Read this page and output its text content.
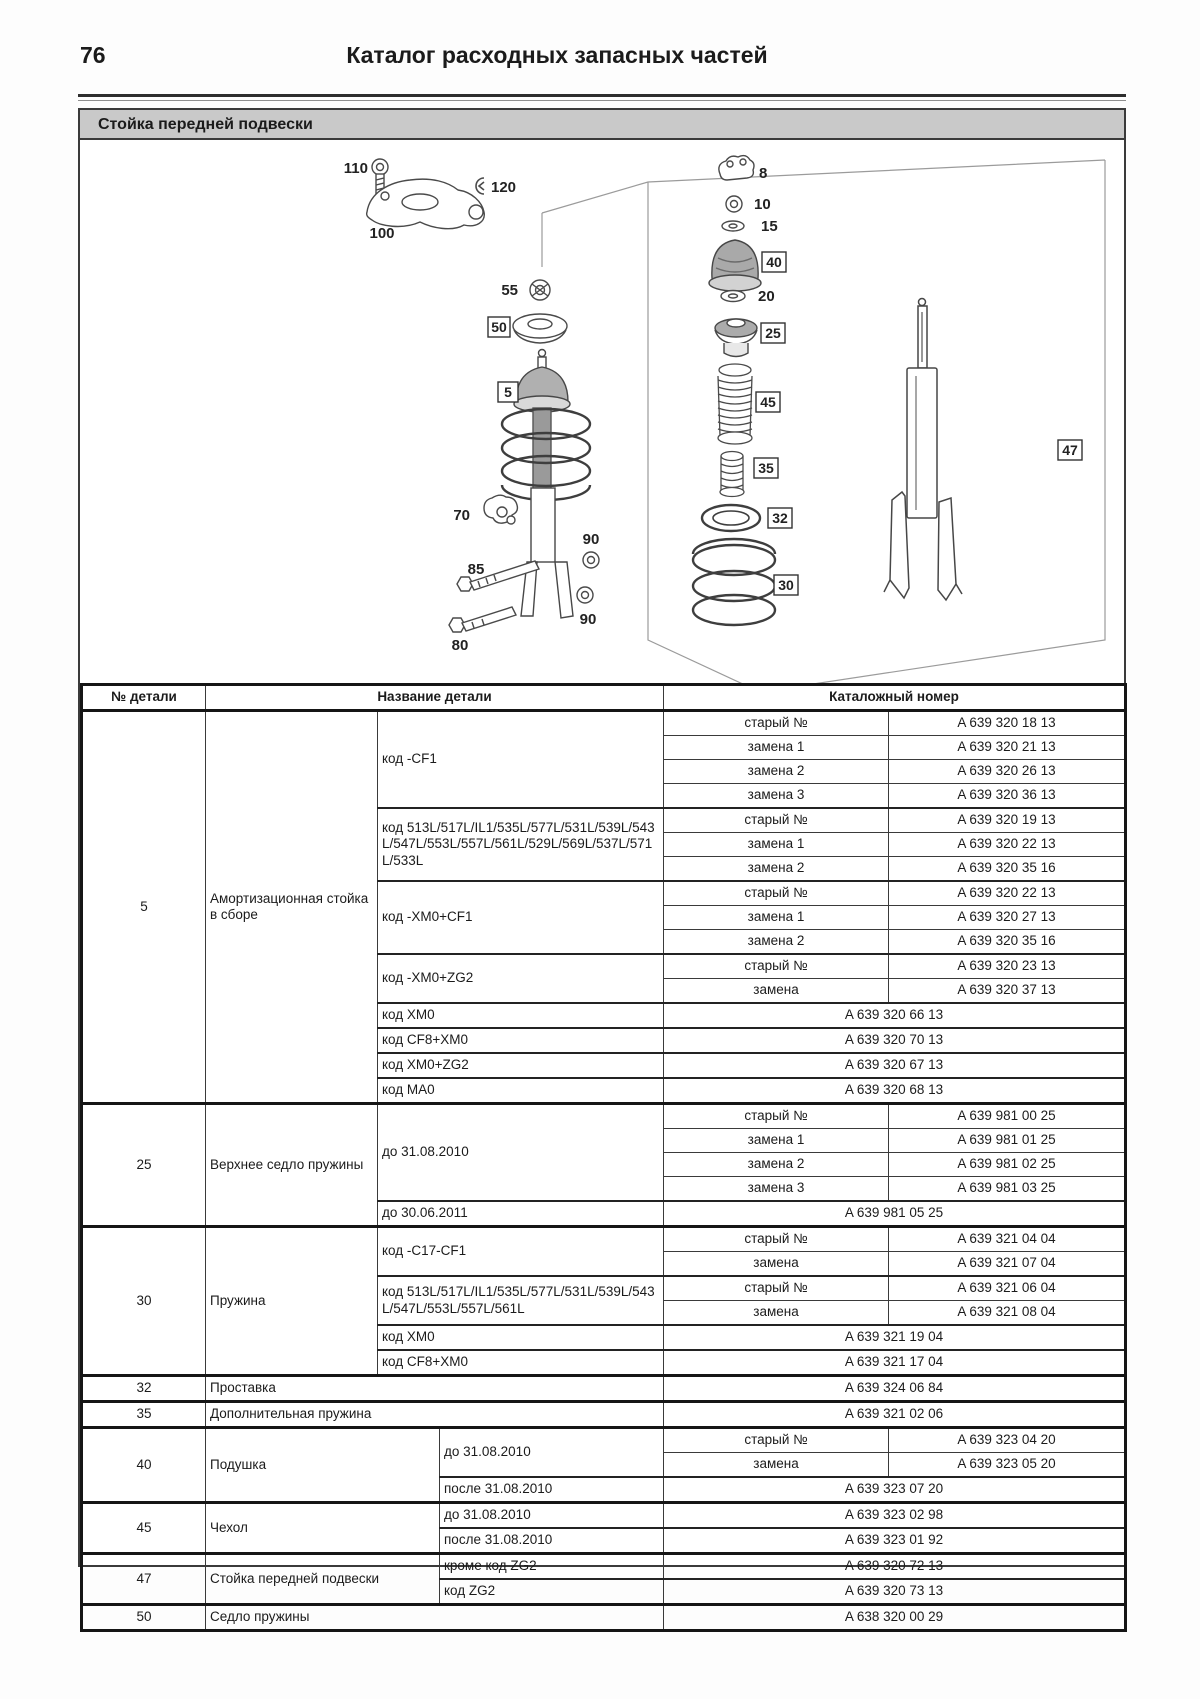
76	Каталог расходных запасных частей
Стойка передней подвески
110
100
120
55
50
5
70
85
80
90
90
8
10
15
40
20
25
45
35
32
30
47
№ детали	Название детали			Каталожный номер	
5	Амортизационная стойка в сборе	код -CF1		старый №	A 639 320 18 13
				замена 1	A 639 320 21 13
				замена 2	A 639 320 26 13
				замена 3	A 639 320 36 13
		код 513L/517L/IL1/535L/577L/531L/539L/543L/547L/553L/557L/561L/529L/569L/537L/571L/533L		старый №	A 639 320 19 13
				замена 1	A 639 320 22 13
				замена 2	A 639 320 35 16
		код -XM0+CF1		старый №	A 639 320 22 13
				замена 1	A 639 320 27 13
				замена 2	A 639 320 35 16
		код -XM0+ZG2		старый №	A 639 320 23 13
				замена	A 639 320 37 13
		код XM0		A 639 320 66 13	
		код CF8+XM0		A 639 320 70 13	
		код XM0+ZG2		A 639 320 67 13	
		код MA0		A 639 320 68 13	
25	Верхнее седло пружины	до 31.08.2010		старый №	A 639 981 00 25
				замена 1	A 639 981 01 25
				замена 2	A 639 981 02 25
				замена 3	A 639 981 03 25
		до 30.06.2011		A 639 981 05 25	
30	Пружина	код -C17-CF1		старый №	A 639 321 04 04
				замена	A 639 321 07 04
		код 513L/517L/IL1/535L/577L/531L/539L/543L/547L/553L/557L/561L		старый №	A 639 321 06 04
				замена	A 639 321 08 04
		код XM0		A 639 321 19 04	
		код CF8+XM0		A 639 321 17 04	
32	Проставка			A 639 324 06 84	
35	Дополнительная пружина			A 639 321 02 06	
40	Подушка		до 31.08.2010	старый №	A 639 323 04 20
				замена	A 639 323 05 20
			после 31.08.2010	A 639 323 07 20	
45	Чехол		до 31.08.2010	A 639 323 02 98	
			после 31.08.2010	A 639 323 01 92	
47	Стойка передней подвески		кроме код ZG2	A 639 320 72 13	
			код ZG2	A 639 320 73 13	
50	Седло пружины			A 638 320 00 29	
